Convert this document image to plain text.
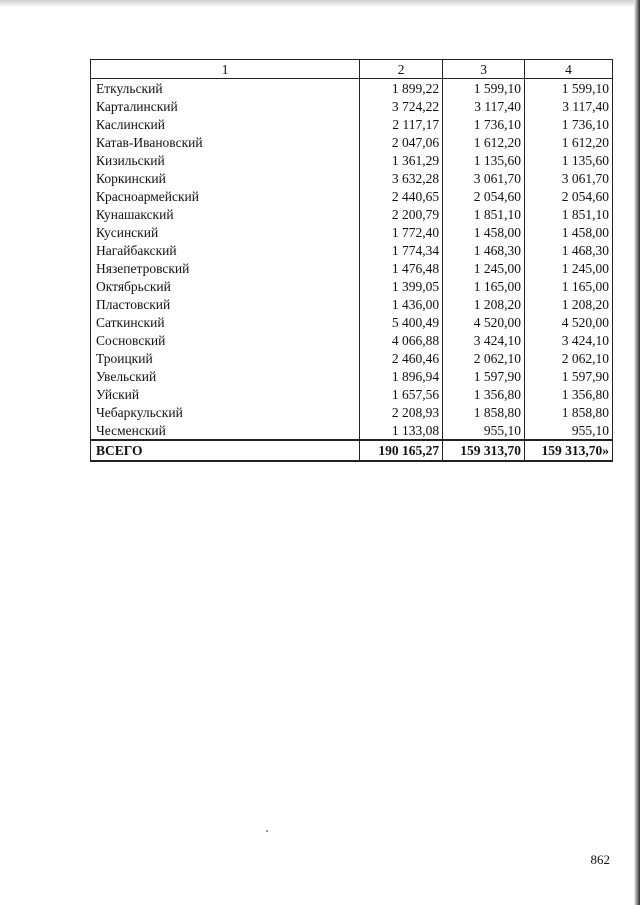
1	2	3	4
Еткульский	1 899,22	1 599,10	1 599,10
Карталинский	3 724,22	3 117,40	3 117,40
Каслинский	2 117,17	1 736,10	1 736,10
Катав-Ивановский	2 047,06	1 612,20	1 612,20
Кизильский	1 361,29	1 135,60	1 135,60
Коркинский	3 632,28	3 061,70	3 061,70
Красноармейский	2 440,65	2 054,60	2 054,60
Кунашакский	2 200,79	1 851,10	1 851,10
Кусинский	1 772,40	1 458,00	1 458,00
Нагайбакский	1 774,34	1 468,30	1 468,30
Нязепетровский	1 476,48	1 245,00	1 245,00
Октябрьский	1 399,05	1 165,00	1 165,00
Пластовский	1 436,00	1 208,20	1 208,20
Саткинский	5 400,49	4 520,00	4 520,00
Сосновский	4 066,88	3 424,10	3 424,10
Троицкий	2 460,46	2 062,10	2 062,10
Увельский	1 896,94	1 597,90	1 597,90
Уйский	1 657,56	1 356,80	1 356,80
Чебаркульский	2 208,93	1 858,80	1 858,80
Чесменский	1 133,08	955,10	955,10
ВСЕГО	190 165,27	159 313,70	159 313,70»
862
